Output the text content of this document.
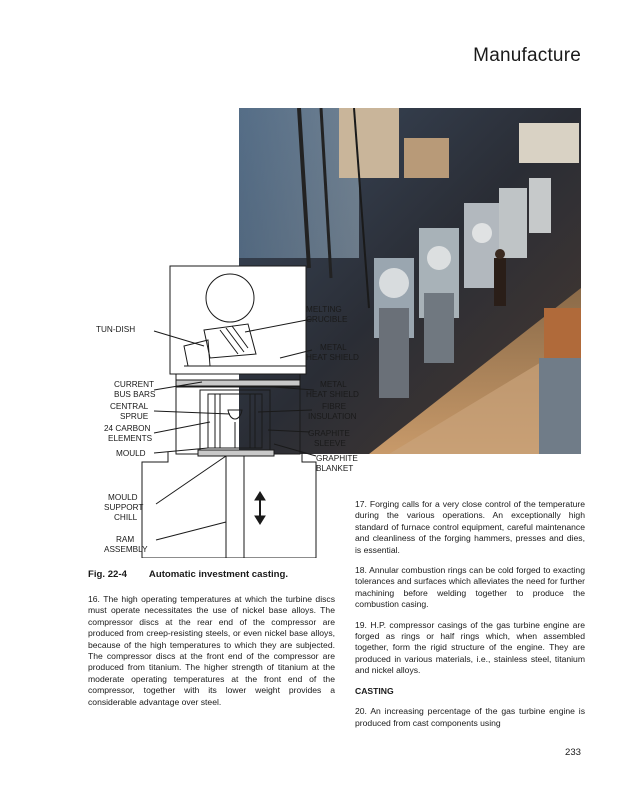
Manufacture
TUN-DISH
MELTING
CRUCIBLE
METAL
HEAT SHIELD
CURRENT
BUS BARS
METAL
HEAT SHIELD
CENTRAL
SPRUE
FIBRE
INSULATION
24 CARBON
ELEMENTS
GRAPHITE
SLEEVE
MOULD
GRAPHITE
BLANKET
MOULD
SUPPORT
CHILL
RAM
ASSEMBLY
Fig. 22-4 Automatic investment casting.

16. The high operating temperatures at which the turbine discs must operate necessitates the use of nickel base alloys. The compressor discs at the rear end of the compressor are produced from creep-resisting steels, or even nickel base alloys, because of the high temperatures to which they are subjected. The compressor discs at the front end of the compressor are produced from titanium. The higher strength of titanium at the moderate operating temperatures at the front end of the compressor, together with its lower weight provides a considerable advantage over steel.

17. Forging calls for a very close control of the temperature during the various operations. An exceptionally high standard of furnace control equipment, careful maintenance and cleanliness of the forging hammers, presses and dies, is essential.

18. Annular combustion rings can be cold forged to exacting tolerances and surfaces which alleviates the need for further machining before welding together to produce the combustion casing.

19. H.P. compressor casings of the gas turbine engine are forged as rings or half rings which, when assembled together, form the rigid structure of the engine. They are produced in various materials, i.e., stainless steel, titanium and nickel alloys.

CASTING

20. An increasing percentage of the gas turbine engine is produced from cast components using

233
